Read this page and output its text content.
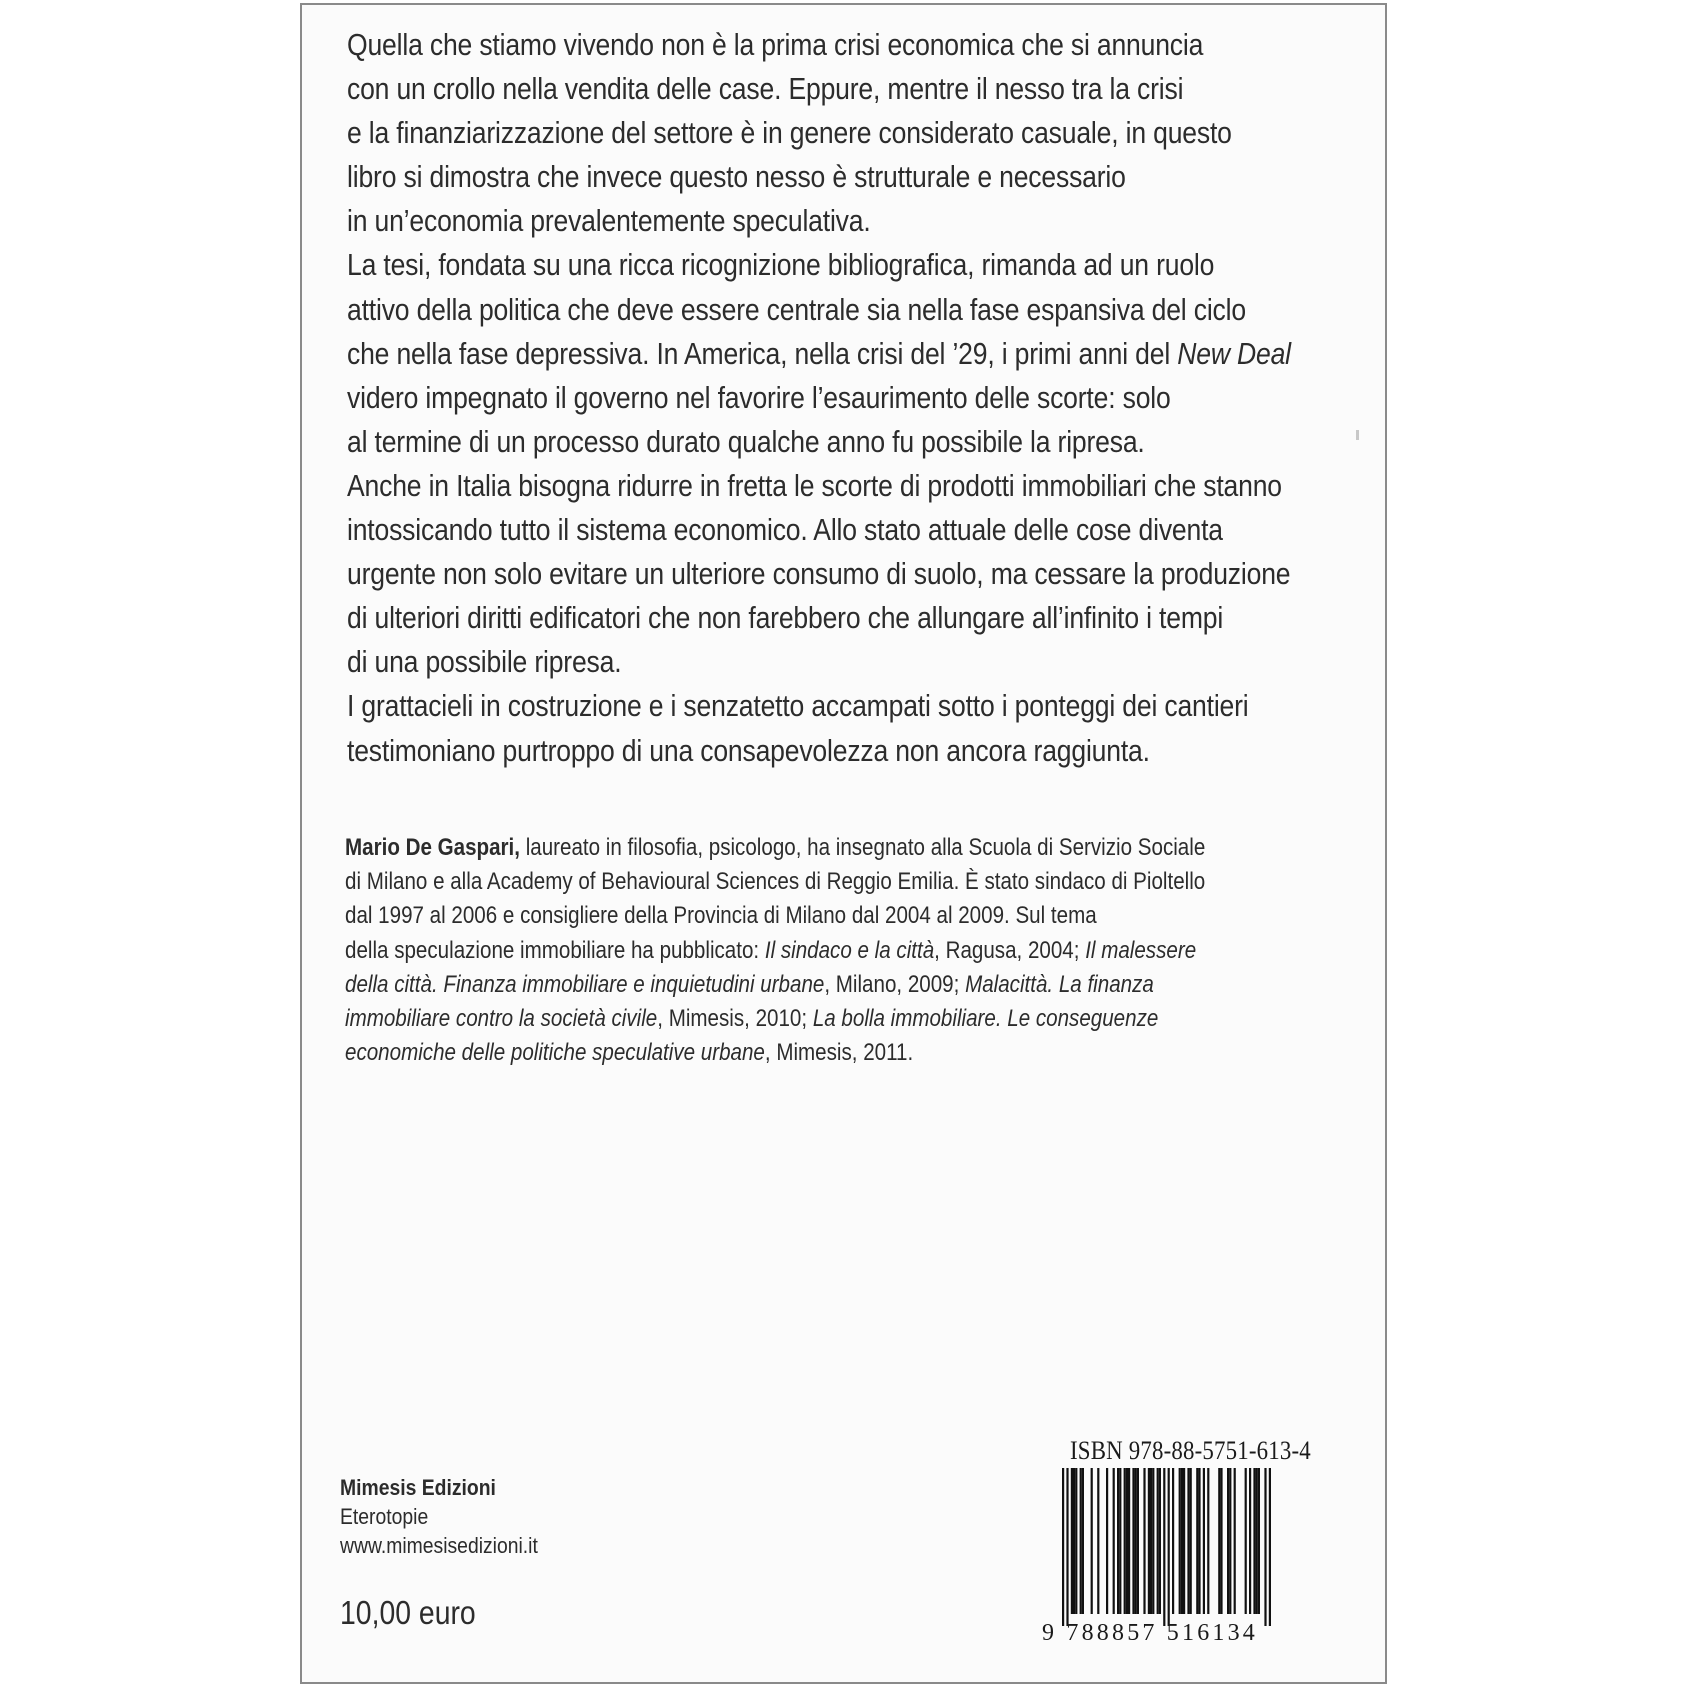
Quella che stiamo vivendo non è la prima crisi economica che si annuncia
con un crollo nella vendita delle case. Eppure, mentre il nesso tra la crisi
e la finanziarizzazione del settore è in genere considerato casuale, in questo
libro si dimostra che invece questo nesso è strutturale e necessario
in un’economia prevalentemente speculativa.
La tesi, fondata su una ricca ricognizione bibliografica, rimanda ad un ruolo
attivo della politica che deve essere centrale sia nella fase espansiva del ciclo
che nella fase depressiva. In America, nella crisi del ’29, i primi anni del New Deal
videro impegnato il governo nel favorire l’esaurimento delle scorte: solo
al termine di un processo durato qualche anno fu possibile la ripresa.
Anche in Italia bisogna ridurre in fretta le scorte di prodotti immobiliari che stanno
intossicando tutto il sistema economico. Allo stato attuale delle cose diventa
urgente non solo evitare un ulteriore consumo di suolo, ma cessare la produzione
di ulteriori diritti edificatori che non farebbero che allungare all’infinito i tempi
di una possibile ripresa.
I grattacieli in costruzione e i senzatetto accampati sotto i ponteggi dei cantieri
testimoniano purtroppo di una consapevolezza non ancora raggiunta.
Mario De Gaspari, laureato in filosofia, psicologo, ha insegnato alla Scuola di Servizio Sociale
di Milano e alla Academy of Behavioural Sciences di Reggio Emilia. È stato sindaco di Pioltello
dal 1997 al 2006 e consigliere della Provincia di Milano dal 2004 al 2009. Sul tema
della speculazione immobiliare ha pubblicato: Il sindaco e la città, Ragusa, 2004; Il malessere
della città. Finanza immobiliare e inquietudini urbane, Milano, 2009; Malacittà. La finanza
immobiliare contro la società civile, Mimesis, 2010; La bolla immobiliare. Le conseguenze
economiche delle politiche speculative urbane, Mimesis, 2011.
Mimesis Edizioni
Eterotopie
www.mimesisedizioni.it
10,00 euro
ISBN 978-88-5751-613-4
9 788857 516134
